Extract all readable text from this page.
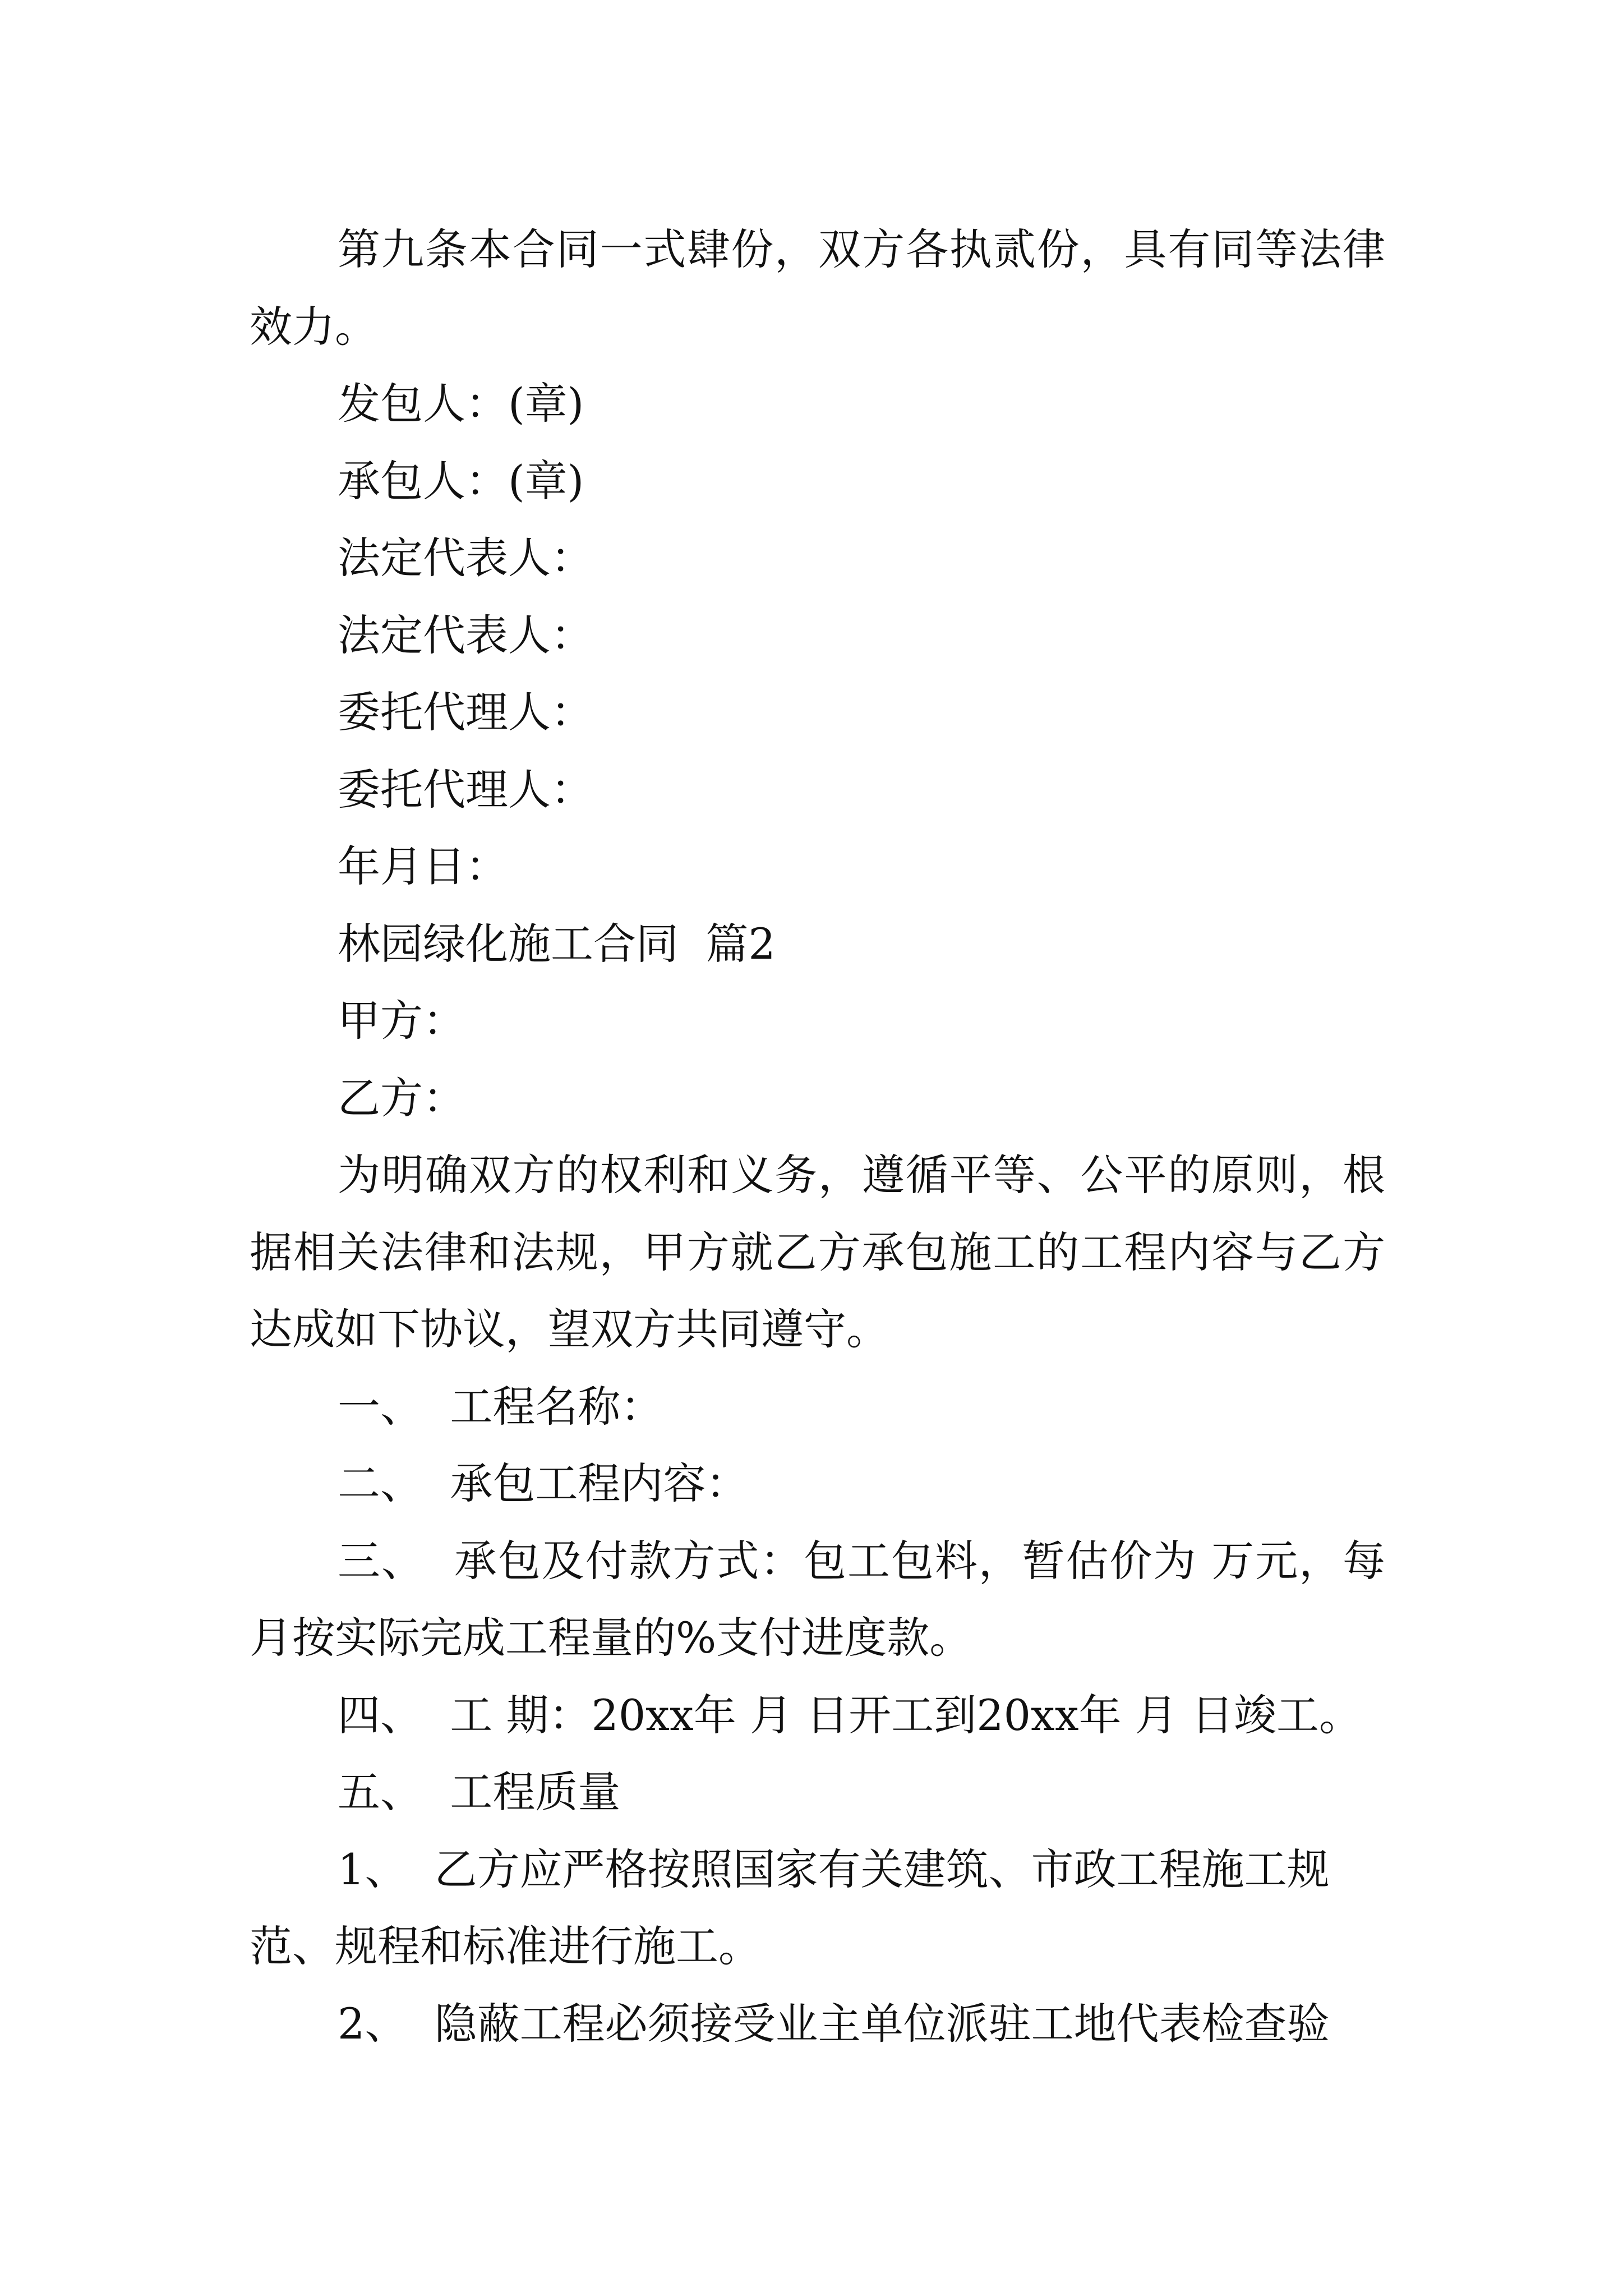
第九条本合同一式肆份，双方各执贰份，具有同等法律效力。

发包人：(章)

承包人：(章)

法定代表人：

法定代表人：

委托代理人：

委托代理人：

年月日：

林园绿化施工合同  篇2

甲方：

乙方：

为明确双方的权利和义务，遵循平等、公平的原则，根据相关法律和法规，甲方就乙方承包施工的工程内容与乙方达成如下协议，望双方共同遵守。

一、  工程名称：

二、  承包工程内容：

三、  承包及付款方式：包工包料，暂估价为 万元，每月按实际完成工程量的%支付进度款。

四、  工 期：20xx年 月 日开工到20xx年 月 日竣工。

五、  工程质量

1、  乙方应严格按照国家有关建筑、市政工程施工规范、规程和标准进行施工。

2、  隐蔽工程必须接受业主单位派驻工地代表检查验
